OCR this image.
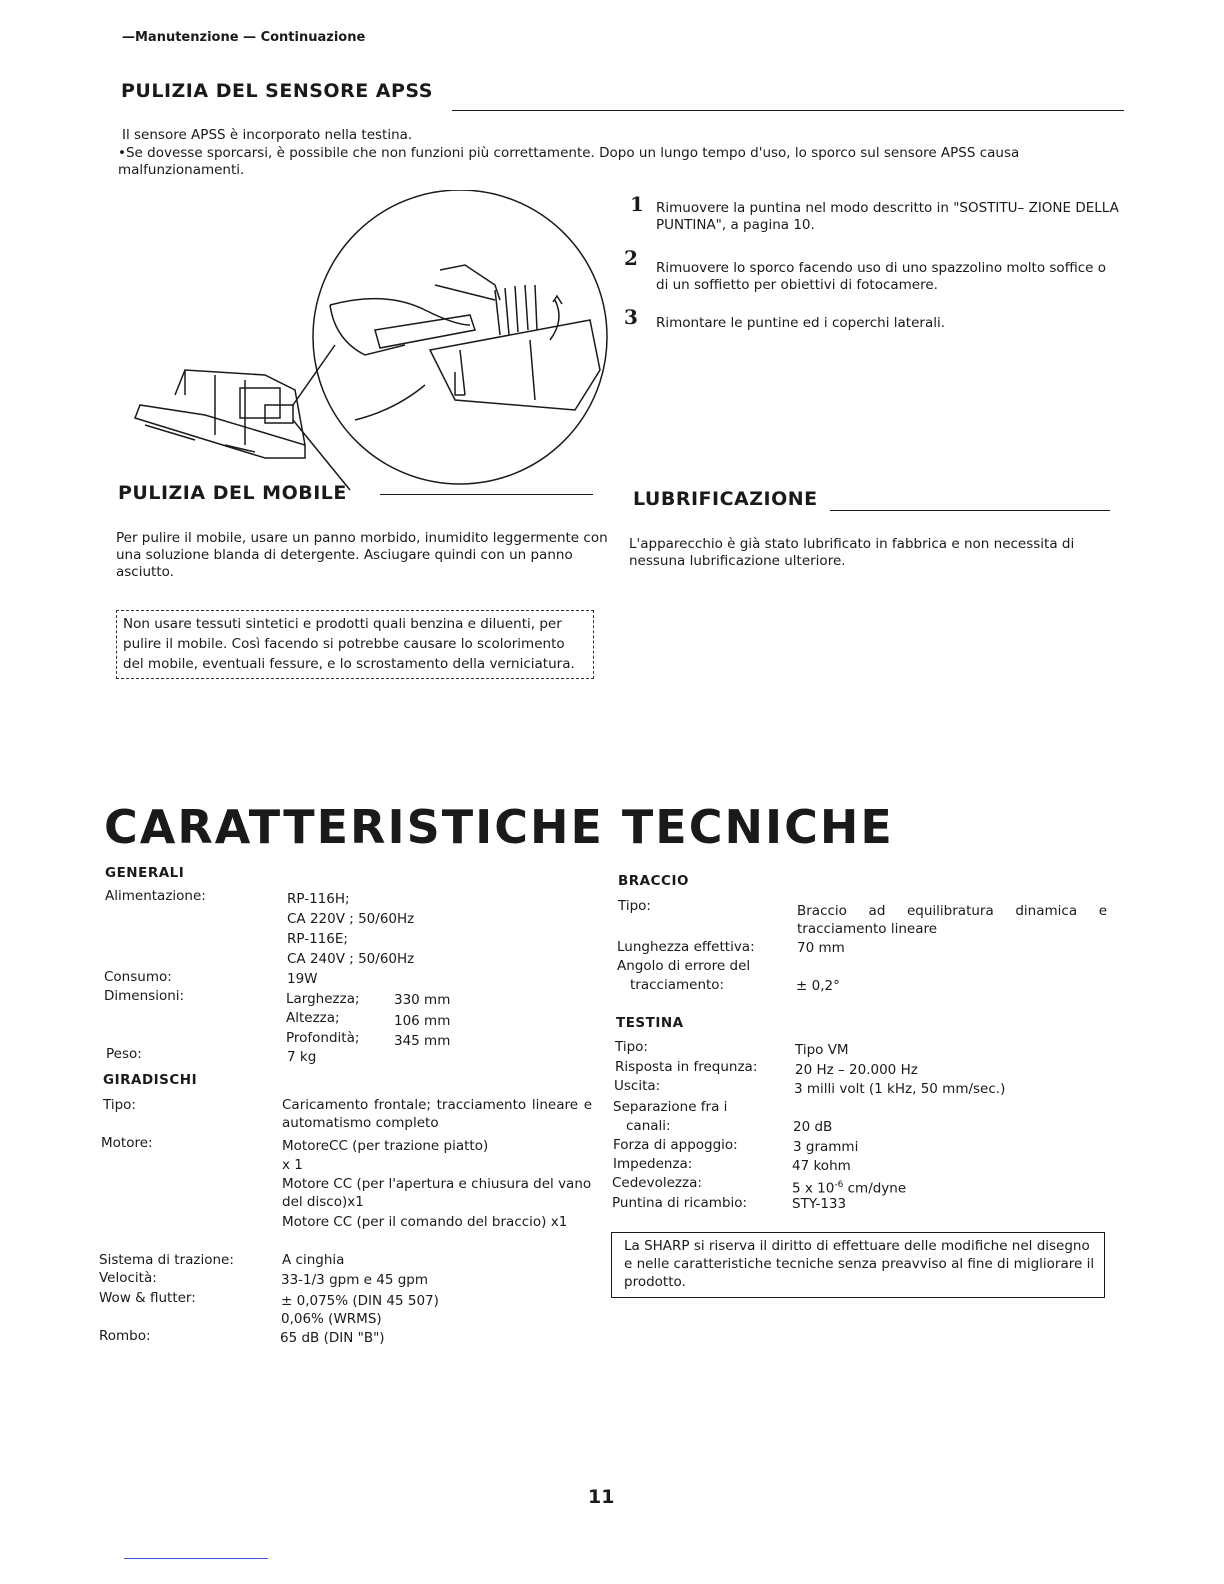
—Manutenzione — Continuazione
PULIZIA DEL SENSORE APSS
Il sensore APSS è incorporato nella testina.
•Se dovesse sporcarsi, è possibile che non funzioni più correttamente. Dopo un lungo tempo d'uso, lo sporco sul sensore APSS causa malfunzionamenti.
1 Rimuovere la puntina nel modo descritto in "SOSTITU– ZIONE DELLA PUNTINA", a pagina 10.
2 Rimuovere lo sporco facendo uso di uno spazzolino molto soffice o di un soffietto per obiettivi di fotocamere.
3 Rimontare le puntine ed i coperchi laterali.
PULIZIA DEL MOBILE
Per pulire il mobile, usare un panno morbido, inumidito leggermente con una soluzione blanda di detergente. Asciugare quindi con un panno asciutto.
Non usare tessuti sintetici e prodotti quali benzina e diluenti, per pulire il mobile. Così facendo si potrebbe causare lo scolorimento del mobile, eventuali fessure, e lo scrostamento della verniciatura.
LUBRIFICAZIONE
L'apparecchio è già stato lubrificato in fabbrica e non necessita di nessuna lubrificazione ulteriore.
CARATTERISTICHE TECNICHE
GENERALI
Alimentazione:	RP-116H;
CA 220V ; 50/60Hz
RP-116E;
CA 240V ; 50/60Hz
Consumo:	19W
Dimensioni:	Larghezza;	330 mm
Altezza;	106 mm
Profondità;	345 mm
Peso:	7 kg
GIRADISCHI
Tipo:	Caricamento frontale; tracciamento lineare e automatismo completo
Motore:	MotoreCC (per trazione piatto)
x 1
Motore CC (per l'apertura e chiusura del vano del disco)x1
Motore CC (per il comando del braccio) x1
Sistema di trazione:	A cinghia
Velocità:	33-1/3 gpm e 45 gpm
Wow & flutter:	± 0,075% (DIN 45 507)
0,06% (WRMS)
Rombo:	65 dB (DIN "B")
BRACCIO
Tipo:	Braccio ad equilibratura dinamica e tracciamento lineare
Lunghezza effettiva:	70 mm
Angolo di errore del
tracciamento:	± 0,2°
TESTINA
Tipo:	Tipo VM
Risposta in frequnza:	20 Hz – 20.000 Hz
Uscita:	3 milli volt (1 kHz, 50 mm/sec.)
Separazione fra i
canali:	20 dB
Forza di appoggio:	3 grammi
Impedenza:	47 kohm
Cedevolezza:	5 x $10^{-6}$ cm/dyne
Puntina di ricambio:	STY-133
La SHARP si riserva il diritto di effettuare delle modifiche nel disegno e nelle caratteristiche tecniche senza preavviso al fine di migliorare il prodotto.
11
